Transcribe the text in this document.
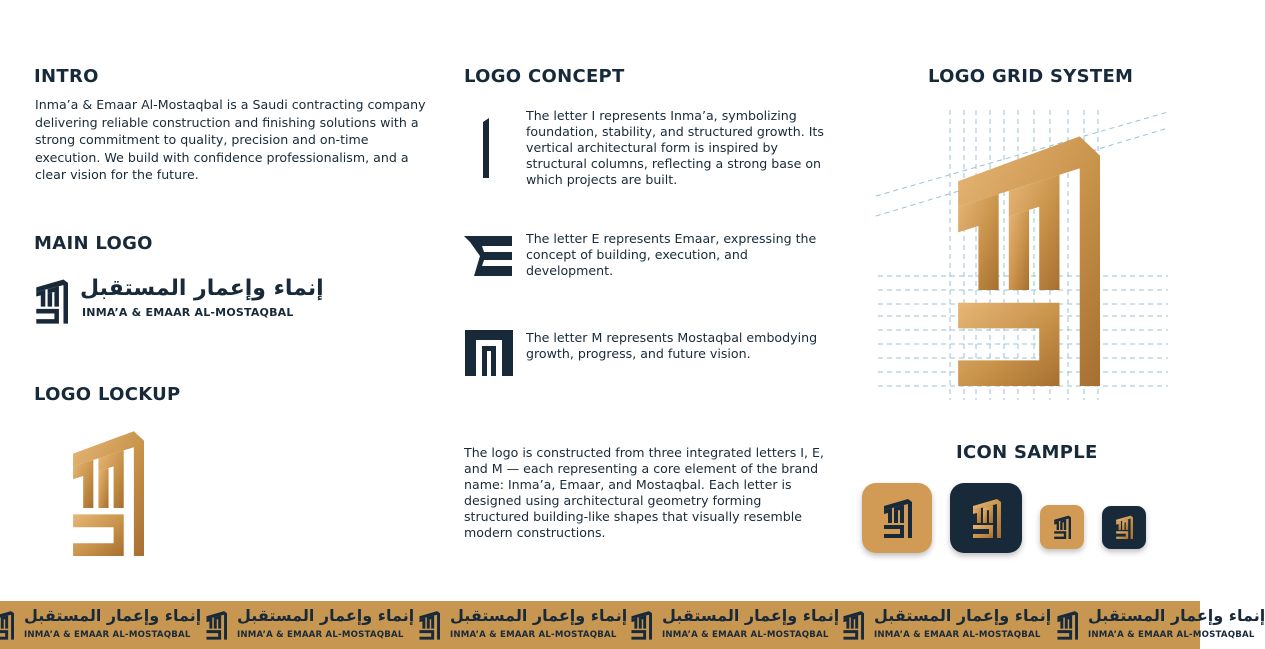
INTRO

Inma’a & Emaar Al-Mostaqbal is a Saudi contracting company delivering reliable construction and finishing solutions with a strong commitment to quality, precision and on-time execution. We build with confidence professionalism, and a clear vision for the future.

MAIN LOGO
إنماء وإعمار المستقبل
INMA’A & EMAAR AL-MOSTAQBAL
LOGO LOCKUP
LOGO CONCEPT

The letter I represents Inma’a, symbolizing foundation, stability, and structured growth. Its vertical architectural form is inspired by structural columns, reflecting a strong base on which projects are built.

The letter E represents Emaar, expressing the concept of building, execution, and development.

The letter M represents Mostaqbal embodying growth, progress, and future vision.

The logo is constructed from three integrated letters I, E, and M — each representing a core element of the brand name: Inma’a, Emaar, and Mostaqbal. Each letter is designed using architectural geometry forming structured building-like shapes that visually resemble modern constructions.

LOGO GRID SYSTEM
ICON SAMPLE
إنماء وإعمار المستقبل
INMA’A & EMAAR AL-MOSTAQBAL
إنماء وإعمار المستقبل
INMA’A & EMAAR AL-MOSTAQBAL
إنماء وإعمار المستقبل
INMA’A & EMAAR AL-MOSTAQBAL
إنماء وإعمار المستقبل
INMA’A & EMAAR AL-MOSTAQBAL
إنماء وإعمار المستقبل
INMA’A & EMAAR AL-MOSTAQBAL
إنماء وإعمار المستقبل
INMA’A & EMAAR AL-MOSTAQBAL
